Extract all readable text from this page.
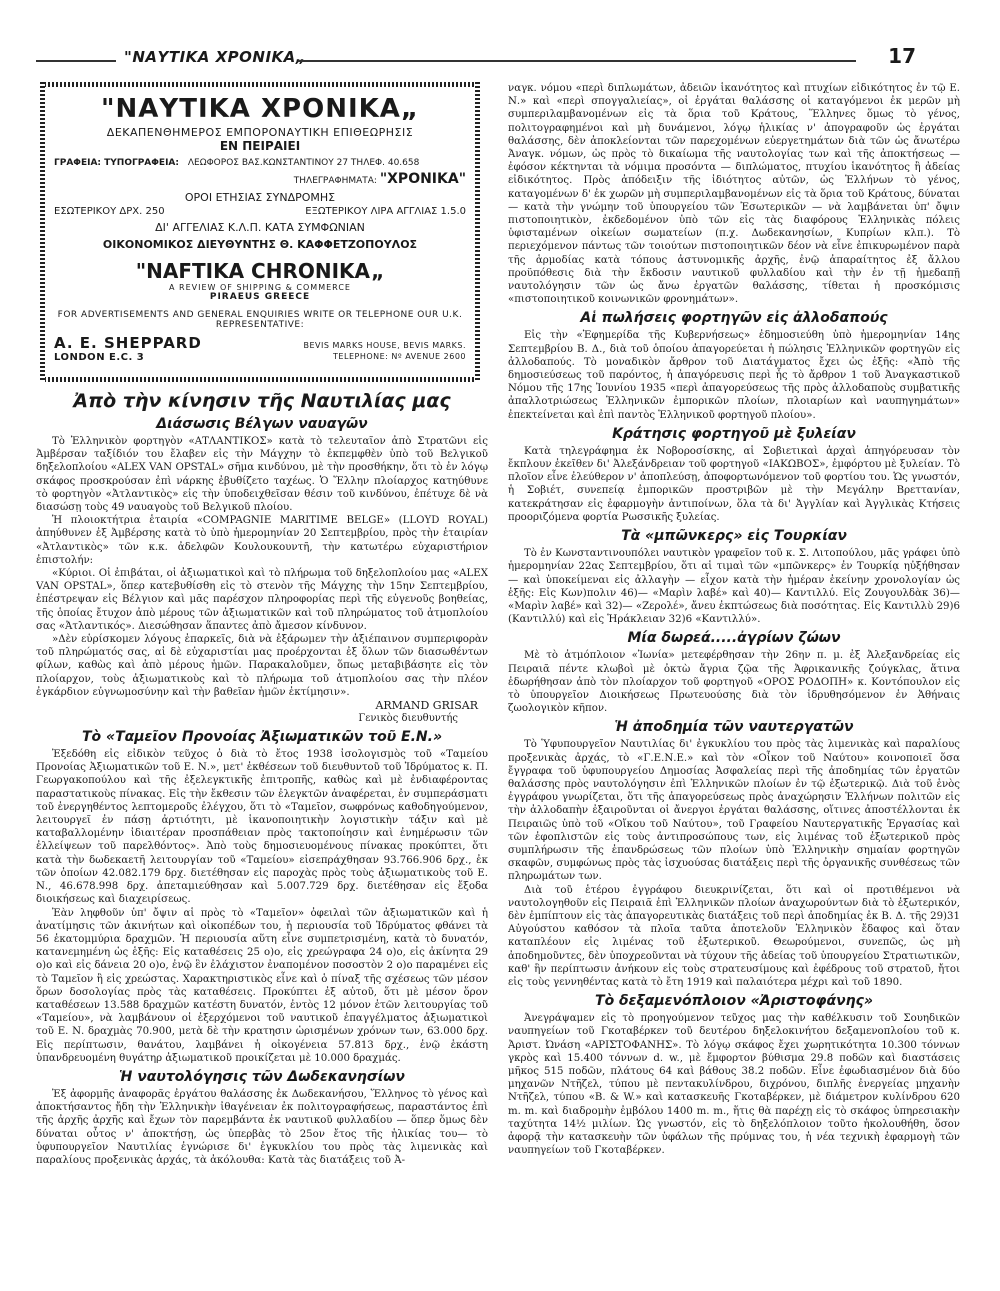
"ΝΑΥΤΙΚΑ ΧΡΟΝΙΚΑ„	17
"ΝΑΥΤΙΚΑ ΧΡΟΝΙΚΑ„
ΔΕΚΑΠΕΝΘΗΜΕΡΟΣ ΕΜΠΟΡΟΝΑΥΤΙΚΗ ΕΠΙΘΕΩΡΗΣΙΣ
ΕΝ ΠΕΙΡΑΙΕΙ
ΓΡΑΦΕΙΑ: ΤΥΠΟΓΡΑΦΕΙΑ: ΛΕΩΦΟΡΟΣ ΒΑΣ.ΚΩΝΣΤΑΝΤΙΝΟΥ 27 ΤΗΛΕΦ. 40.658
ΤΗΛΕΓΡΑΦΗΜΑΤΑ: "ΧΡΟΝΙΚΑ"
ΟΡΟΙ ΕΤΗΣΙΑΣ ΣΥΝΔΡΟΜΗΣ
ΕΣΩΤΕΡΙΚΟΥ ΔΡΧ. 250	ΕΞΩΤΕΡΙΚΟΥ ΛΙΡΑ ΑΓΓΛΙΑΣ 1.5.0
ΔΙ' ΑΓΓΕΛΙΑΣ Κ.Λ.Π. ΚΑΤΑ ΣΥΜΦΩΝΙΑΝ
ΟΙΚΟΝΟΜΙΚΟΣ ΔΙΕΥΘΥΝΤΗΣ Θ. ΚΑΦΦΕΤΖΟΠΟΥΛΟΣ
"NAFTIKA CHRONIKA„
A REVIEW OF SHIPPING & COMMERCE
PIRAEUS GREECE
FOR ADVERTISEMENTS AND GENERAL ENQUIRIES WRITE OR TELEPHONE OUR U.K. REPRESENTATIVE:
A. E. SHEPPARD	BEVIS MARKS HOUSE, BEVIS MARKS.
LONDON E.C. 3	TELEPHONE: Nº AVENUE 2600
Ἀπὸ τὴν κίνησιν τῆς Ναυτιλίας μας
Διάσωσις Βέλγων ναυαγῶν

Τὸ Ἑλληνικὸν φορτηγὸν «ΑΤΛΑΝΤΙΚΟΣ» κατὰ τὸ τελευταῖον ἀπὸ Στρατῶνι εἰς Ἀμβέρσαν ταξίδιόν του ἔλαβεν εἰς τὴν Μάγχην τὸ ἐκπεμφθὲν ὑπὸ τοῦ Βελγικοῦ δηξελοπλοίου «ALEX VAN OPSTAL» σῆμα κινδύνου, μὲ τὴν προσθήκην, ὅτι τὸ ἐν λόγῳ σκάφος προσκρούσαν ἐπὶ νάρκης ἐβυθίζετο ταχέως. Ὁ Ἕλλην πλοίαρχος κατηύθυνε τὸ φορτηγὸν «Ἀτλαντικὸς» εἰς τὴν ὑποδειχθεῖσαν θέσιν τοῦ κινδύνου, ἐπέτυχε δὲ νὰ διασώσῃ τοὺς 49 ναυαγοὺς τοῦ Βελγικοῦ πλοίου.

Ἡ πλοιοκτήτρια ἑταιρία «COMPAGNIE MARITIME BELGE» (LLOYD ROYAL) ἀπηύθυνεν ἐξ Ἀμβέρσης κατὰ τὸ ὑπὸ ἡμερομηνίαν 20 Σεπτεμβρίου, πρὸς τὴν ἑταιρίαν «Ἀτλαντικὸς» τῶν κ.κ. ἀδελφῶν Κουλουκουντῆ, τὴν κατωτέρω εὐχαριστήριον ἐπιστολήν:

«Κύριοι. Οἱ ἐπιβάται, οἱ ἀξιωματικοὶ καὶ τὸ πλήρωμα τοῦ δηξελοπλοίου μας «ALEX VAN OPSTAL», ὅπερ κατεβυθίσθη εἰς τὸ στενὸν τῆς Μάγχης τὴν 15ην Σεπτεμβρίου, ἐπέστρεψαν εἰς Βέλγιον καὶ μᾶς παρέσχον πληροφορίας περὶ τῆς εὐγενοῦς βοηθείας, τῆς ὁποίας ἔτυχον ἀπὸ μέρους τῶν ἀξιωματικῶν καὶ τοῦ πληρώματος τοῦ ἀτμοπλοίου σας «Ἀτλαντικός». Διεσώθησαν ἅπαντες ἀπὸ ἄμεσον κίνδυνον.

»Δὲν εὑρίσκομεν λόγους ἐπαρκεῖς, διὰ νὰ ἐξάρωμεν τὴν ἀξιέπαινον συμπεριφορὰν τοῦ πληρώματός σας, αἱ δὲ εὐχαριστίαι μας προέρχονται ἐξ ὅλων τῶν διασωθέντων φίλων, καθὼς καὶ ἀπὸ μέρους ἡμῶν. Παρακαλοῦμεν, ὅπως μεταβιβάσητε εἰς τὸν πλοίαρχον, τοὺς ἀξιωματικοὺς καὶ τὸ πλήρωμα τοῦ ἀτμοπλοίου σας τὴν πλέον ἐγκάρδιον εὐγνωμοσύνην καὶ τὴν βαθεῖαν ἡμῶν ἐκτίμησιν».

ARMAND GRISAR

Γενικὸς διευθυντής

Τὸ «Ταμεῖον Προνοίας Ἀξιωματικῶν τοῦ Ε.Ν.»

Ἐξεδόθη εἰς εἰδικὸν τεῦχος ὁ διὰ τὸ ἔτος 1938 ἰσολογισμὸς τοῦ «Ταμείου Προνοίας Ἀξιωματικῶν τοῦ Ε. Ν.», μετ' ἐκθέσεων τοῦ διευθυντοῦ τοῦ Ἱδρύματος κ. Π. Γεωργακοπούλου καὶ τῆς ἐξελεγκτικῆς ἐπιτροπῆς, καθὼς καὶ μὲ ἐνδιαφέροντας παραστατικοὺς πίνακας. Εἰς τὴν ἔκθεσιν τῶν ἐλεγκτῶν ἀναφέρεται, ἐν συμπεράσματι τοῦ ἐνεργηθέντος λεπτομεροῦς ἐλέγχου, ὅτι τὸ «Ταμεῖον, σωφρόνως καθοδηγούμενον, λειτουργεῖ ἐν πάσῃ ἀρτιότητι, μὲ ἱκανοποιητικὴν λογιστικὴν τάξιν καὶ μὲ καταβαλλομένην ἰδιαιτέραν προσπάθειαν πρὸς τακτοποίησιν καὶ ἐνημέρωσιν τῶν ἐλλείψεων τοῦ παρελθόντος». Ἀπὸ τοὺς δημοσιευομένους πίνακας προκύπτει, ὅτι κατὰ τὴν δωδεκαετῆ λειτουργίαν τοῦ «Ταμείου» εἰσεπράχθησαν 93.766.906 δρχ., ἐκ τῶν ὁποίων 42.082.179 δρχ. διετέθησαν εἰς παροχὰς πρὸς τοὺς ἀξιωματικοὺς τοῦ Ε. Ν., 46.678.998 δρχ. ἀπεταμιεύθησαν καὶ 5.007.729 δρχ. διετέθησαν εἰς ἔξοδα διοικήσεως καὶ διαχειρίσεως.

Ἐὰν ληφθοῦν ὑπ' ὄψιν αἱ πρὸς τὸ «Ταμεῖον» ὀφειλαὶ τῶν ἀξιωματικῶν καὶ ἡ ἀνατίμησις τῶν ἀκινήτων καὶ οἰκοπέδων του, ἡ περιουσία τοῦ Ἱδρύματος φθάνει τὰ 56 ἑκατομμύρια δραχμῶν. Ἡ περιουσία αὕτη εἶνε συμπετρισμένη, κατὰ τὸ δυνατόν, κατανεμημένη ὡς ἑξῆς: Εἰς καταθέσεις 25 ο)ο, εἰς χρεώγραφα 24 ο)ο, εἰς ἀκίνητα 29 ο)ο καὶ εἰς δάνεια 20 ο)ο, ἐνῷ ἓν ἐλάχιστον ἐναπομένον ποσοστὸν 2 ο)ο παραμένει εἰς τὸ Ταμεῖον ἢ εἰς χρεώστας. Χαρακτηριστικὸς εἶνε καὶ ὁ πίναξ τῆς σχέσεως τῶν μέσον ὅρων δοσολογίας πρὸς τὰς καταθέσεις. Προκύπτει ἐξ αὐτοῦ, ὅτι μὲ μέσον ὅρον καταθέσεων 13.588 δραχμῶν κατέστη δυνατόν, ἐντὸς 12 μόνον ἐτῶν λειτουργίας τοῦ «Ταμείου», νὰ λαμβάνουν οἱ ἐξερχόμενοι τοῦ ναυτικοῦ ἐπαγγέλματος ἀξιωματικοὶ τοῦ Ε. Ν. δραχμὰς 70.900, μετὰ δὲ τὴν κρατησιν ὡρισμένων χρόνων των, 63.000 δρχ. Εἰς περίπτωσιν, θανάτου, λαμβάνει ἡ οἰκογένεια 57.813 δρχ., ἐνῷ ἑκάστη ὑπανδρευομένη θυγάτηρ ἀξιωματικοῦ προικίζεται μὲ 10.000 δραχμάς.

Ἡ ναυτολόγησις τῶν Δωδεκανησίων

Ἐξ ἀφορμῆς ἀναφορᾶς ἐργάτου θαλάσσης ἐκ Δωδεκανήσου, Ἕλληνος τὸ γένος καὶ ἀποκτήσαντος ἤδη τὴν Ἑλληνικὴν ἰθαγένειαν ἐκ πολιτογραφήσεως, παραστάντος ἐπὶ τῆς ἀρχῆς ἀρχῆς καὶ ἔχων τὸν παρεμβάντα ἐκ ναυτικοῦ φυλλαδίου — ὅπερ ὅμως δὲν δύναται οὗτος ν' ἀποκτήσῃ, ὡς ὑπερβὰς τὸ 25ον ἔτος τῆς ἡλικίας του— τὸ ὑφυπουργεῖον Ναυτιλίας ἐγνώρισε δι' ἐγκυκλίου του πρὸς τὰς λιμενικὰς καὶ παραλίους προξενικὰς ἀρχάς, τὰ ἀκόλουθα: Κατὰ τὰς διατάξεις τοῦ Ἀ-

ναγκ. νόμου «περὶ διπλωμάτων, ἀδειῶν ἱκανότητος καὶ πτυχίων εἰδικότητος ἐν τῷ Ε. Ν.» καὶ «περὶ σπογγαλιείας», οἱ ἐργάται θαλάσσης οἱ καταγόμενοι ἐκ μερῶν μὴ συμπεριλαμβανομένων εἰς τὰ ὅρια τοῦ Κράτους, Ἕλληνες ὅμως τὸ γένος, πολιτογραφημένοι καὶ μὴ δυνάμενοι, λόγῳ ἡλικίας ν' ἀπογραφοῦν ὡς ἐργάται θαλάσσης, δὲν ἀποκλείονται τῶν παρεχομένων εὐεργετημάτων διὰ τῶν ὡς ἄνωτέρω Ἀναγκ. νόμων, ὡς πρὸς τὸ δικαίωμα τῆς ναυτολογίας των καὶ τῆς ἀποκτήσεως — ἐφόσον κέκτηνται τὰ νόμιμα προσόντα — διπλώματος, πτυχίου ἱκανότητος ἢ ἀδείας εἰδικότητος. Πρὸς ἀπόδειξιν τῆς ἰδιότητος αὐτῶν, ὡς Ἑλλήνων τὸ γένος, καταγομένων δ' ἐκ χωρῶν μὴ συμπεριλαμβανομένων εἰς τὰ ὅρια τοῦ Κράτους, δύναται — κατὰ τὴν γνώμην τοῦ ὑπουργείου τῶν Ἐσωτερικῶν — νὰ λαμβάνεται ὑπ' ὄψιν πιστοποιητικὸν, ἐκδεδομένον ὑπὸ τῶν εἰς τὰς διαφόρους Ἑλληνικὰς πόλεις ὑφισταμένων οἰκείων σωματείων (π.χ. Δωδεκανησίων, Κυπρίων κλπ.). Τὸ περιεχόμενον πάντως τῶν τοιούτων πιστοποιητικῶν δέον νὰ εἶνε ἐπικυρωμένον παρὰ τῆς ἁρμοδίας κατὰ τόπους ἀστυνομικῆς ἀρχῆς, ἐνῷ ἀπαραίτητος ἐξ ἄλλου προϋπόθεσις διὰ τὴν ἔκδοσιν ναυτικοῦ φυλλαδίου καὶ τὴν ἐν τῇ ἡμεδαπῇ ναυτολόγησιν τῶν ὡς ἄνω ἐργατῶν θαλάσσης, τίθεται ἡ προσκόμισις «πιστοποιητικοῦ κοινωνικῶν φρονημάτων».

Αἱ πωλήσεις φορτηγῶν εἰς ἀλλοδαπούς

Εἰς τὴν «Ἐφημερίδα τῆς Κυβερνήσεως» ἐδημοσιεύθη ὑπὸ ἡμερομηνίαν 14ης Σεπτεμβρίου Β. Δ., διὰ τοῦ ὁποίου ἀπαγορεύεται ἡ πώλησις Ἑλληνικῶν φορτηγῶν εἰς ἀλλοδαπούς. Τὸ μοναδικὸν ἄρθρον τοῦ Διατάγματος ἔχει ὡς ἑξῆς: «Ἀπὸ τῆς δημοσιεύσεως τοῦ παρόντος, ἡ ἀπαγόρευσις περὶ ἧς τὸ ἄρθρον 1 τοῦ Ἀναγκαστικοῦ Νόμου τῆς 17ης Ἰουνίου 1935 «περὶ ἀπαγορεύσεως τῆς πρὸς ἀλλοδαποὺς συμβατικῆς ἀπαλλοτριώσεως Ἑλληνικῶν ἐμπορικῶν πλοίων, πλοιαρίων καὶ ναυπηγημάτων» ἐπεκτείνεται καὶ ἐπὶ παντὸς Ἑλληνικοῦ φορτηγοῦ πλοίου».

Κράτησις φορτηγοῦ μὲ ξυλείαν

Κατὰ τηλεγράφημα ἐκ Νοβοροσίσκης, αἱ Σοβιετικαὶ ἀρχαὶ ἀπηγόρευσαν τὸν ἔκπλουν ἐκεῖθεν δι' Ἀλεξάνδρειαν τοῦ φορτηγοῦ «ΙΑΚΩΒΟΣ», ἐμφόρτου μὲ ξυλείαν. Τὸ πλοῖον εἶνε ἐλεύθερον ν' ἀποπλεύσῃ, ἀποφορτωνόμενον τοῦ φορτίου του. Ὡς γνωστόν, ἡ Σοβιέτ, συνεπείᾳ ἐμπορικῶν προστριβῶν μὲ τὴν Μεγάλην Βρεττανίαν, κατεκράτησαν εἰς ἐφαρμογὴν ἀντιποίνων, ὅλα τὰ δι' Ἀγγλίαν καὶ Ἀγγλικὰς Κτήσεις προοριζόμενα φορτία Ρωσσικῆς ξυλείας.

Τὰ «μπῶνκερς» εἰς Τουρκίαν

Τὸ ἐν Κωνσταντινουπόλει ναυτικὸν γραφεῖον τοῦ κ. Σ. Λιτοπούλου, μᾶς γράφει ὑπὸ ἡμερομηνίαν 22ας Σεπτεμβρίου, ὅτι αἱ τιμαὶ τῶν «μπῶνκερς» ἐν Τουρκίᾳ ηὐξήθησαν — καὶ ὑποκείμεναι εἰς ἀλλαγὴν — εἶχον κατὰ τὴν ἡμέραν ἐκείνην χρονολογίαν ὡς ἑξῆς: Εἰς Κων)πολιν 46)— «Μαρὶν λαβέ» καὶ 40)— Καντιλλύ. Εἰς Ζουγουλδὰκ 36)— «Μαρὶν λαβέ» καὶ 32)— «Ζερολέ», ἄνευ ἐκπτώσεως διὰ ποσότητας. Εἰς Καντιλλὺ 29)6 (Καντιλλύ) καὶ εἰς Ἡράκλειαν 32)6 «Καντιλλύ».

Μία δωρεά.....ἀγρίων ζώων

Μὲ τὸ ἀτμόπλοιον «Ἰωνία» μετεφέρθησαν τὴν 26ην π. μ. ἐξ Ἀλεξανδρείας εἰς Πειραιᾶ πέντε κλωβοὶ μὲ ὀκτὼ ἄγρια ζῷα τῆς Ἀφρικανικῆς ζούγκλας, ἅτινα ἐδωρήθησαν ἀπὸ τὸν πλοίαρχον τοῦ φορτηγοῦ «ΟΡΟΣ ΡΟΔΟΠΗ» κ. Κοντόπουλον εἰς τὸ ὑπουργεῖον Διοικήσεως Πρωτευούσης διὰ τὸν ἱδρυθησόμενον ἐν Ἀθήναις ζωολογικὸν κῆπον.

Ἡ ἀποδημία τῶν ναυτεργατῶν

Τὸ Ὑφυπουργεῖον Ναυτιλίας δι' ἐγκυκλίου του πρὸς τὰς λιμενικὰς καὶ παραλίους προξενικὰς ἀρχάς, τὸ «Γ.Ε.Ν.Ε.» καὶ τὸν «Οἶκον τοῦ Ναύτου» κοινοποιεῖ ὅσα ἔγγραφα τοῦ ὑφυπουργείου Δημοσίας Ἀσφαλείας περὶ τῆς ἀποδημίας τῶν ἐργατῶν θαλάσσης πρὸς ναυτολόγησιν ἐπὶ Ἑλληνικῶν πλοίων ἐν τῷ ἐξωτερικῷ. Διὰ τοῦ ἑνὸς ἐγγράφου γνωρίζεται, ὅτι τῆς ἀπαγορεύσεως πρὸς ἀναχώρησιν Ἑλλήνων πολιτῶν εἰς τὴν ἀλλοδαπὴν ἐξαιροῦνται οἱ ἄνεργοι ἐργάται θαλάσσης, οἵτινες ἀποστέλλονται ἐκ Πειραιῶς ὑπὸ τοῦ «Οἴκου τοῦ Ναύτου», τοῦ Γραφείου Ναυτεργατικῆς Ἐργασίας καὶ τῶν ἐφοπλιστῶν εἰς τοὺς ἀντιπροσώπους των, εἰς λιμένας τοῦ ἐξωτερικοῦ πρὸς συμπλήρωσιν τῆς ἐπανδρώσεως τῶν πλοίων ὑπὸ Ἑλληνικὴν σημαίαν φορτηγῶν σκαφῶν, συμφώνως πρὸς τὰς ἰσχυούσας διατάξεις περὶ τῆς ὀργανικῆς συνθέσεως τῶν πληρωμάτων των.

Διὰ τοῦ ἑτέρου ἐγγράφου διευκρινίζεται, ὅτι καὶ οἱ προτιθέμενοι νὰ ναυτολογηθοῦν εἰς Πειραιᾶ ἐπὶ Ἑλληνικῶν πλοίων ἀναχωρούντων διὰ τὸ ἐξωτερικόν, δὲν ἐμπίπτουν εἰς τὰς ἀπαγορευτικὰς διατάξεις τοῦ περὶ ἀποδημίας ἐκ Β. Δ. τῆς 29)31 Αὐγούστου καθόσον τὰ πλοῖα ταῦτα ἀποτελοῦν Ἑλληνικὸν ἔδαφος καὶ ὅταν καταπλέουν εἰς λιμένας τοῦ ἐξωτερικοῦ. Θεωρούμενοι, συνεπῶς, ὡς μὴ ἀποδημοῦντες, δὲν ὑποχρεοῦνται νὰ τύχουν τῆς ἀδείας τοῦ ὑπουργείου Στρατιωτικῶν, καθ' ἣν περίπτωσιν ἀνήκουν εἰς τοὺς στρατευσίμους καὶ ἐφέδρους τοῦ στρατοῦ, ἤτοι εἰς τοὺς γεννηθέντας κατὰ τὸ ἔτη 1919 καὶ παλαιότερα μέχρι καὶ τοῦ 1890.

Τὸ δεξαμενόπλοιον «Ἀριστοφάνης»

Ἀνεγράψαμεν εἰς τὸ προηγούμενον τεῦχος μας τὴν καθέλκυσιν τοῦ Σουηδικῶν ναυπηγείων τοῦ Γκοταβέρκεν τοῦ δευτέρου δηξελοκινήτου δεξαμενοπλοίου τοῦ κ. Ἀριστ. Ὠνάση «ΑΡΙΣΤΟΦΑΝΗΣ». Τὸ λόγῳ σκάφος ἔχει χωρητικότητα 10.300 τόννων γκρὸς καὶ 15.400 τόννων d. w., μὲ ἔμφορτον βύθισμα 29.8 ποδῶν καὶ διαστάσεις μῆκος 515 ποδῶν, πλάτους 64 καὶ βάθους 38.2 ποδῶν. Εἶνε ἐφωδιασμένον διὰ δύο μηχανῶν Ντῆζελ, τύπου μὲ πεντακυλίνδρου, διχρόνου, διπλῆς ἐνεργείας μηχανὴν Ντῆζελ, τύπου «Β. & W.» καὶ κατασκευῆς Γκοταβέρκεν, μὲ διάμετρον κυλίνδρου 620 m. m. καὶ διαδρομὴν ἐμβόλου 1400 m. m., ἥτις θὰ παρέχῃ εἰς τὸ σκάφος ὑπηρεσιακὴν ταχύτητα 14½ μιλίων. Ὡς γνωστόν, εἰς τὸ δηξελόπλοιον τοῦτο ἠκολουθήθη, ὅσον ἀφορᾷ τὴν κατασκευὴν τῶν ὑφάλων τῆς πρύμνας του, ἡ νέα τεχνικὴ ἐφαρμογὴ τῶν ναυπηγείων τοῦ Γκοταβέρκεν.
